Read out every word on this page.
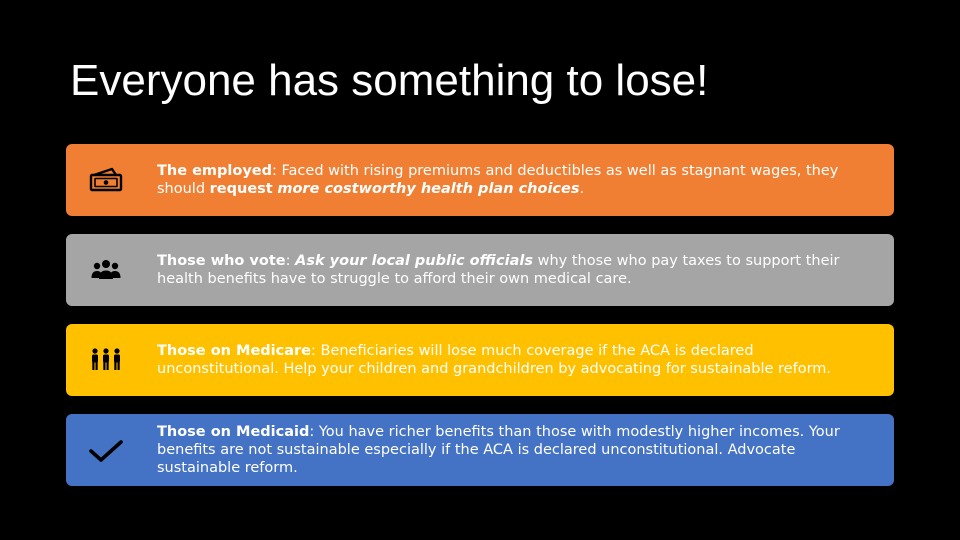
Everyone has something to lose!

The employed: Faced with rising premiums and deductibles as well as stagnant wages, they should request more costworthy health plan choices.

Those who vote: Ask your local public officials why those who pay taxes to support their health benefits have to struggle to afford their own medical care.

Those on Medicare: Beneficiaries will lose much coverage if the ACA is declared unconstitutional. Help your children and grandchildren by advocating for sustainable reform.

Those on Medicaid: You have richer benefits than those with modestly higher incomes. Your benefits are not sustainable especially if the ACA is declared unconstitutional. Advocate sustainable reform.
